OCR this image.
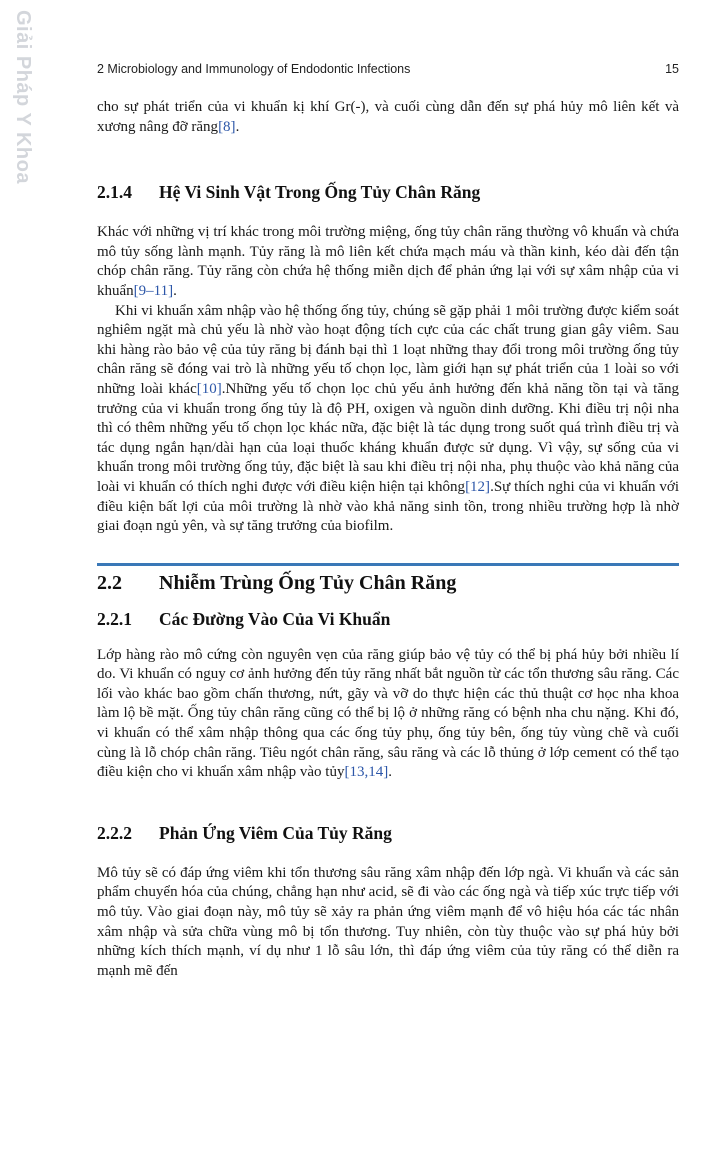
Giải Pháp Y Khoa	2 Microbiology and Immunology of Endodontic Infections	15

cho sự phát triển của vi khuẩn kị khí Gr(-), và cuối cùng dẫn đến sự phá hủy mô liên kết và xương nâng đỡ răng[8].

2.1.4 Hệ Vi Sinh Vật Trong Ống Tủy Chân Răng

Khác với những vị trí khác trong môi trường miệng, ống tủy chân răng thường vô khuẩn và chứa mô tủy sống lành mạnh. Tủy răng là mô liên kết chứa mạch máu và thần kinh, kéo dài đến tận chóp chân răng. Tủy răng còn chứa hệ thống miễn dịch để phản ứng lại với sự xâm nhập của vi khuẩn[9–11].

Khi vi khuẩn xâm nhập vào hệ thống ống tủy, chúng sẽ gặp phải 1 môi trường được kiểm soát nghiêm ngặt mà chủ yếu là nhờ vào hoạt động tích cực của các chất trung gian gây viêm. Sau khi hàng rào bảo vệ của tủy răng bị đánh bại thì 1 loạt những thay đổi trong môi trường ống tủy chân răng sẽ đóng vai trò là những yếu tố chọn lọc, làm giới hạn sự phát triển của 1 loài so với những loài khác[10].Những yếu tố chọn lọc chủ yếu ảnh hưởng đến khả năng tồn tại và tăng trưởng của vi khuẩn trong ống tủy là độ PH, oxigen và nguồn dinh dưỡng. Khi điều trị nội nha thì có thêm những yếu tố chọn lọc khác nữa, đặc biệt là tác dụng trong suốt quá trình điều trị và tác dụng ngắn hạn/dài hạn của loại thuốc kháng khuẩn được sử dụng. Vì vậy, sự sống của vi khuẩn trong môi trường ống tủy, đặc biệt là sau khi điều trị nội nha, phụ thuộc vào khả năng của loài vi khuẩn có thích nghi được với điều kiện hiện tại không[12].Sự thích nghi của vi khuẩn với điều kiện bất lợi của môi trường là nhờ vào khả năng sinh tồn, trong nhiều trường hợp là nhờ giai đoạn ngủ yên, và sự tăng trưởng của biofilm.

2.2 Nhiễm Trùng Ống Tủy Chân Răng
2.2.1 Các Đường Vào Của Vi Khuẩn

Lớp hàng rào mô cứng còn nguyên vẹn của răng giúp bảo vệ tủy có thể bị phá hủy bởi nhiều lí do. Vi khuẩn có nguy cơ ảnh hưởng đến tủy răng nhất bắt nguồn từ các tổn thương sâu răng. Các lối vào khác bao gồm chấn thương, nứt, gãy và vỡ do thực hiện các thủ thuật cơ học nha khoa làm lộ bề mặt. Ống tủy chân răng cũng có thể bị lộ ở những răng có bệnh nha chu nặng. Khi đó, vi khuẩn có thể xâm nhập thông qua các ống tủy phụ, ống tủy bên, ống tủy vùng chẽ và cuối cùng là lỗ chóp chân răng. Tiêu ngót chân răng, sâu răng và các lỗ thủng ở lớp cement có thể tạo điều kiện cho vi khuẩn xâm nhập vào tủy[13,14].

2.2.2 Phản Ứng Viêm Của Tủy Răng

Mô tủy sẽ có đáp ứng viêm khi tổn thương sâu răng xâm nhập đến lớp ngà. Vi khuẩn và các sản phẩm chuyển hóa của chúng, chẳng hạn như acid, sẽ đi vào các ống ngà và tiếp xúc trực tiếp với mô tủy. Vào giai đoạn này, mô tủy sẽ xảy ra phản ứng viêm mạnh để vô hiệu hóa các tác nhân xâm nhập và sửa chữa vùng mô bị tổn thương. Tuy nhiên, còn tùy thuộc vào sự phá hủy bởi những kích thích mạnh, ví dụ như 1 lỗ sâu lớn, thì đáp ứng viêm của tủy răng có thể diễn ra mạnh mẽ đến
